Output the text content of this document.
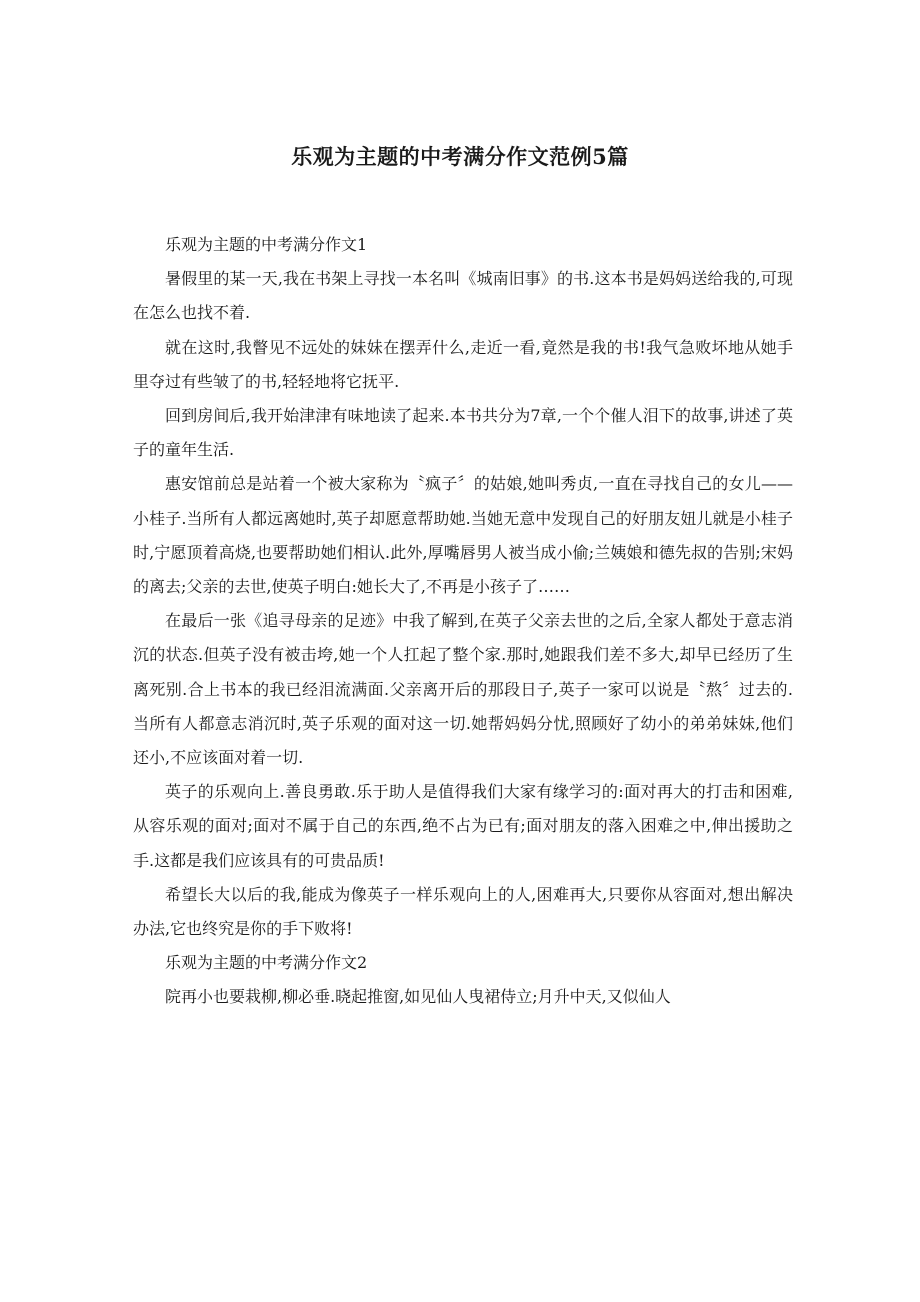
乐观为主题的中考满分作文范例5篇

乐观为主题的中考满分作文1

暑假里的某一天,我在书架上寻找一本名叫《城南旧事》的书.这本书是妈妈送给我的,可现在怎么也找不着.

就在这时,我瞥见不远处的妹妹在摆弄什么,走近一看,竟然是我的书!我气急败坏地从她手里夺过有些皱了的书,轻轻地将它抚平.

回到房间后,我开始津津有味地读了起来.本书共分为7章,一个个催人泪下的故事,讲述了英子的童年生活.

惠安馆前总是站着一个被大家称为〝疯子〞的姑娘,她叫秀贞,一直在寻找自己的女儿——小桂子.当所有人都远离她时,英子却愿意帮助她.当她无意中发现自己的好朋友妞儿就是小桂子时,宁愿顶着高烧,也要帮助她们相认.此外,厚嘴唇男人被当成小偷;兰姨娘和德先叔的告别;宋妈的离去;父亲的去世,使英子明白:她长大了,不再是小孩子了……

在最后一张《追寻母亲的足迹》中我了解到,在英子父亲去世的之后,全家人都处于意志消沉的状态.但英子没有被击垮,她一个人扛起了整个家.那时,她跟我们差不多大,却早已经历了生离死别.合上书本的我已经泪流满面.父亲离开后的那段日子,英子一家可以说是〝熬〞过去的.当所有人都意志消沉时,英子乐观的面对这一切.她帮妈妈分忧,照顾好了幼小的弟弟妹妹,他们还小,不应该面对着一切.

英子的乐观向上.善良勇敢.乐于助人是值得我们大家有缘学习的:面对再大的打击和困难,从容乐观的面对;面对不属于自己的东西,绝不占为已有;面对朋友的落入困难之中,伸出援助之手.这都是我们应该具有的可贵品质!

希望长大以后的我,能成为像英子一样乐观向上的人,困难再大,只要你从容面对,想出解决办法,它也终究是你的手下败将!

乐观为主题的中考满分作文2

院再小也要栽柳,柳必垂.晓起推窗,如见仙人曳裙侍立;月升中天,又似仙人
